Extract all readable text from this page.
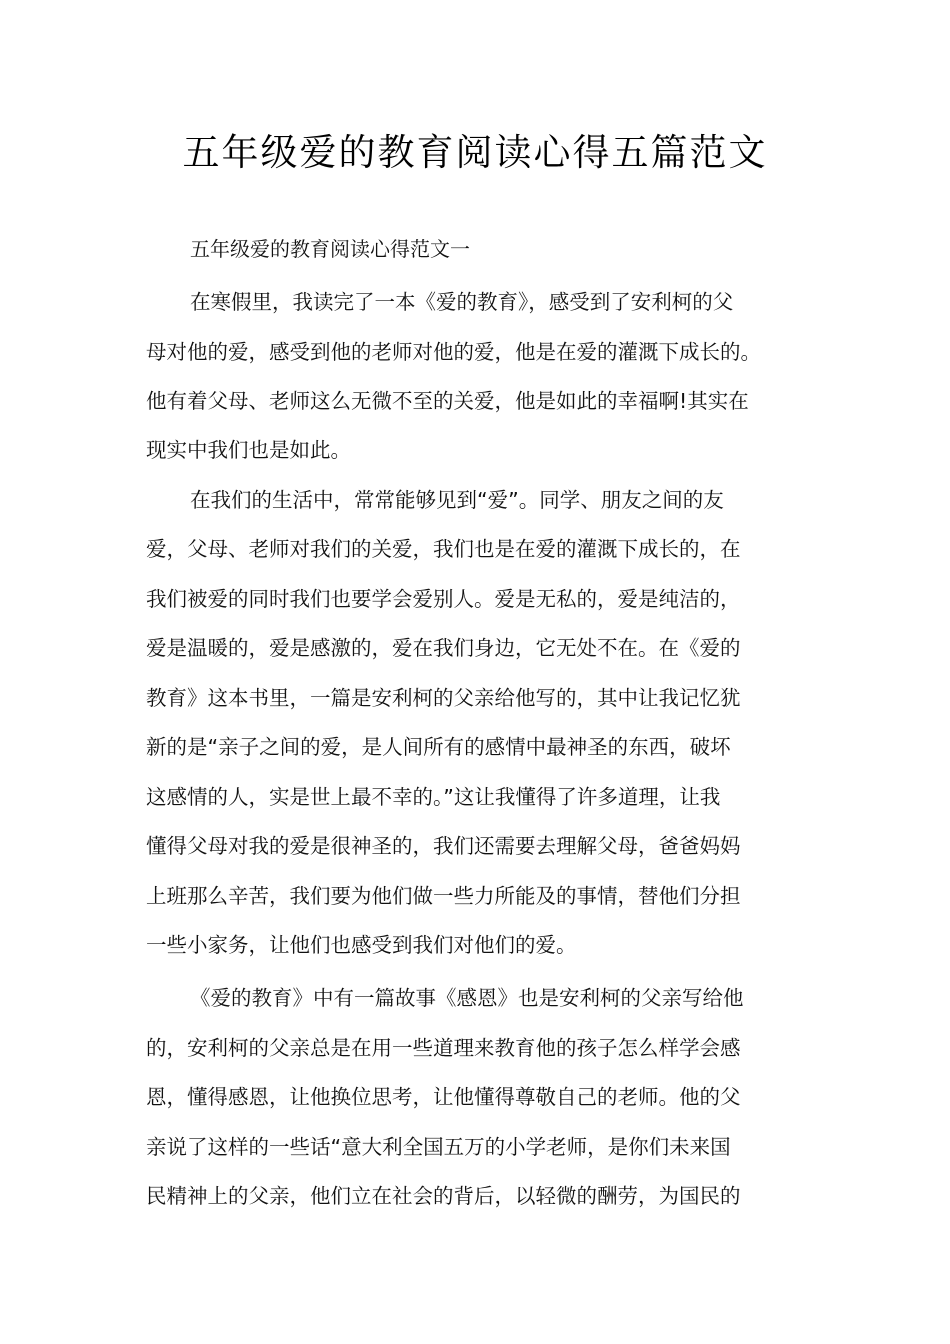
五年级爱的教育阅读心得五篇范文
五年级爱的教育阅读心得范文一
在寒假里，我读完了一本《爱的教育》，感受到了安利柯的父
母对他的爱，感受到他的老师对他的爱，他是在爱的灌溉下成长的。
他有着父母、老师这么无微不至的关爱，他是如此的幸福啊!其实在
现实中我们也是如此。
在我们的生活中，常常能够见到“爱”。同学、朋友之间的友
爱，父母、老师对我们的关爱，我们也是在爱的灌溉下成长的，在
我们被爱的同时我们也要学会爱别人。爱是无私的，爱是纯洁的，
爱是温暖的，爱是感激的，爱在我们身边，它无处不在。在《爱的
教育》这本书里，一篇是安利柯的父亲给他写的，其中让我记忆犹
新的是“亲子之间的爱，是人间所有的感情中最神圣的东西，破坏
这感情的人，实是世上最不幸的。”这让我懂得了许多道理，让我
懂得父母对我的爱是很神圣的，我们还需要去理解父母，爸爸妈妈
上班那么辛苦，我们要为他们做一些力所能及的事情，替他们分担
一些小家务，让他们也感受到我们对他们的爱。
《爱的教育》中有一篇故事《感恩》也是安利柯的父亲写给他
的，安利柯的父亲总是在用一些道理来教育他的孩子怎么样学会感
恩，懂得感恩，让他换位思考，让他懂得尊敬自己的老师。他的父
亲说了这样的一些话“意大利全国五万的小学老师，是你们未来国
民精神上的父亲，他们立在社会的背后，以轻微的酬劳，为国民的
